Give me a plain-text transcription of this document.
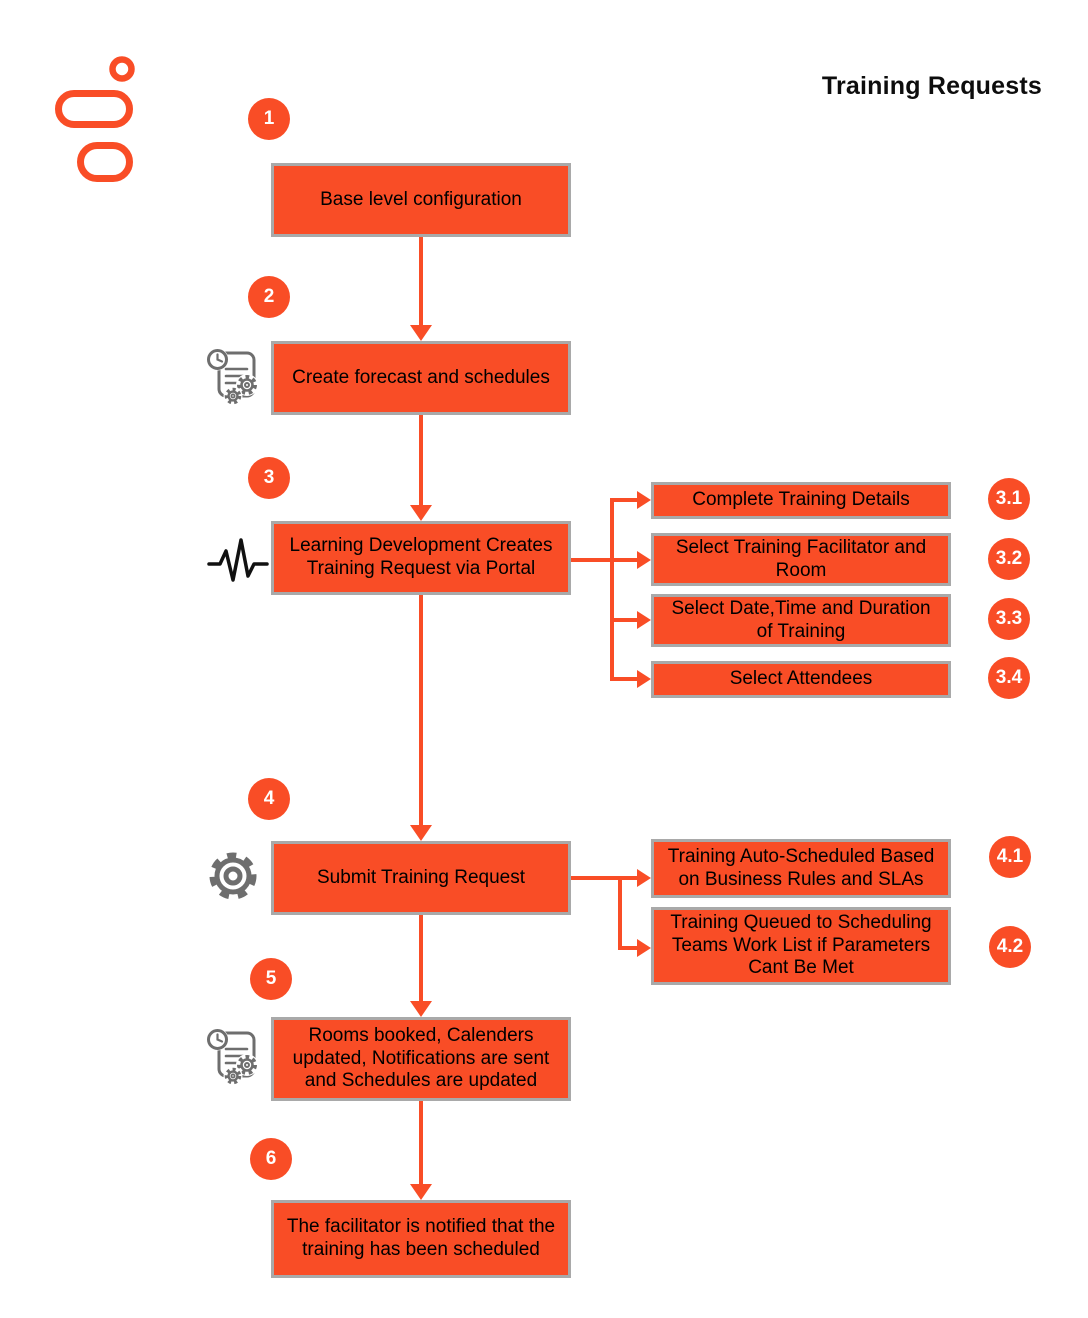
Training Requests
1
2
3
4
5
6
Base level configuration
Create forecast and schedules
Learning Development Creates Training Request via Portal
Submit Training Request
Rooms booked, Calenders updated, Notifications are sent and Schedules are updated
The facilitator is notified that the training has been scheduled
Complete Training Details
Select Training Facilitator and Room
Select Date,Time and Duration of Training
Select Attendees
Training Auto-Scheduled Based on Business Rules and SLAs
Training Queued to Scheduling Teams Work List if Parameters Cant Be Met
3.1
3.2
3.3
3.4
4.1
4.2
